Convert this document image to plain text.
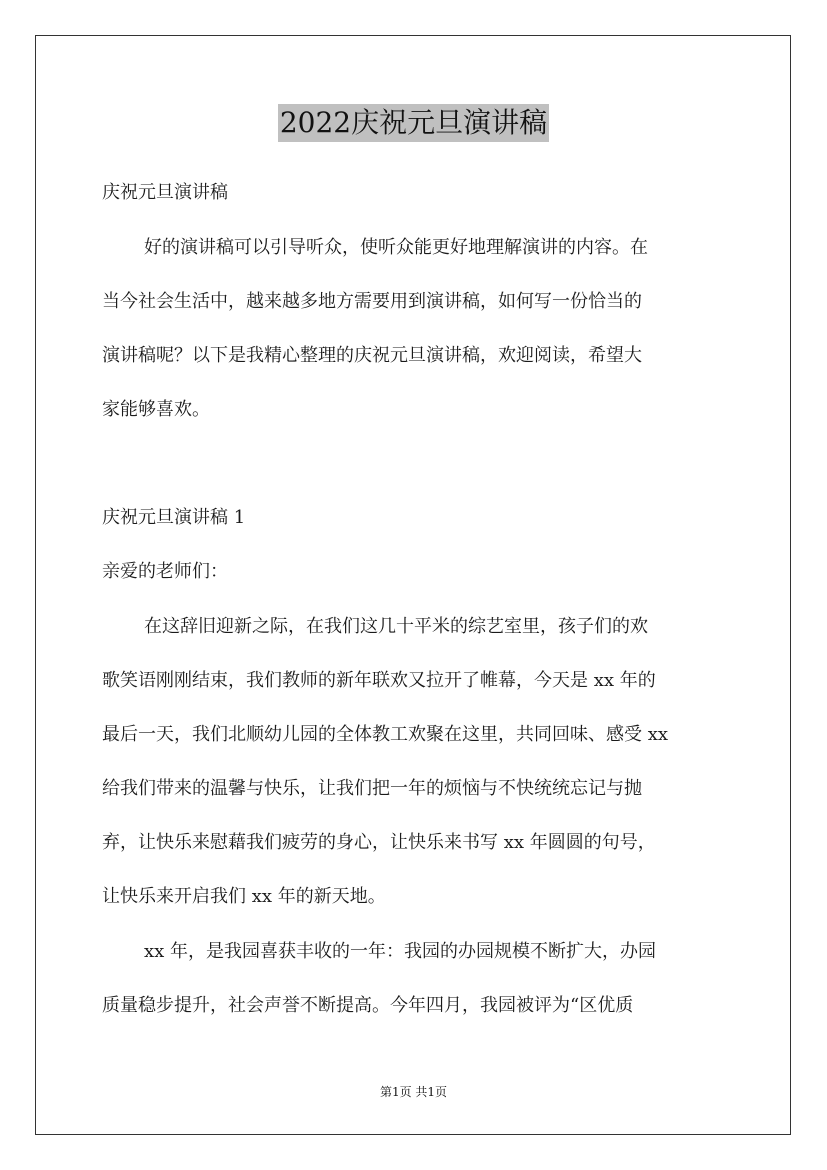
2022庆祝元旦演讲稿
庆祝元旦演讲稿
好的演讲稿可以引导听众，使听众能更好地理解演讲的内容。在
当今社会生活中，越来越多地方需要用到演讲稿，如何写一份恰当的
演讲稿呢？以下是我精心整理的庆祝元旦演讲稿，欢迎阅读，希望大
家能够喜欢。
庆祝元旦演讲稿 1
亲爱的老师们：
在这辞旧迎新之际，在我们这几十平米的综艺室里，孩子们的欢
歌笑语刚刚结束，我们教师的新年联欢又拉开了帷幕，今天是 xx 年的
最后一天，我们北顺幼儿园的全体教工欢聚在这里，共同回味、感受 xx
给我们带来的温馨与快乐，让我们把一年的烦恼与不快统统忘记与抛
弃，让快乐来慰藉我们疲劳的身心，让快乐来书写 xx 年圆圆的句号，
让快乐来开启我们 xx 年的新天地。
xx 年，是我园喜获丰收的一年：我园的办园规模不断扩大，办园
质量稳步提升，社会声誉不断提高。今年四月，我园被评为“区优质
第1页 共1页
